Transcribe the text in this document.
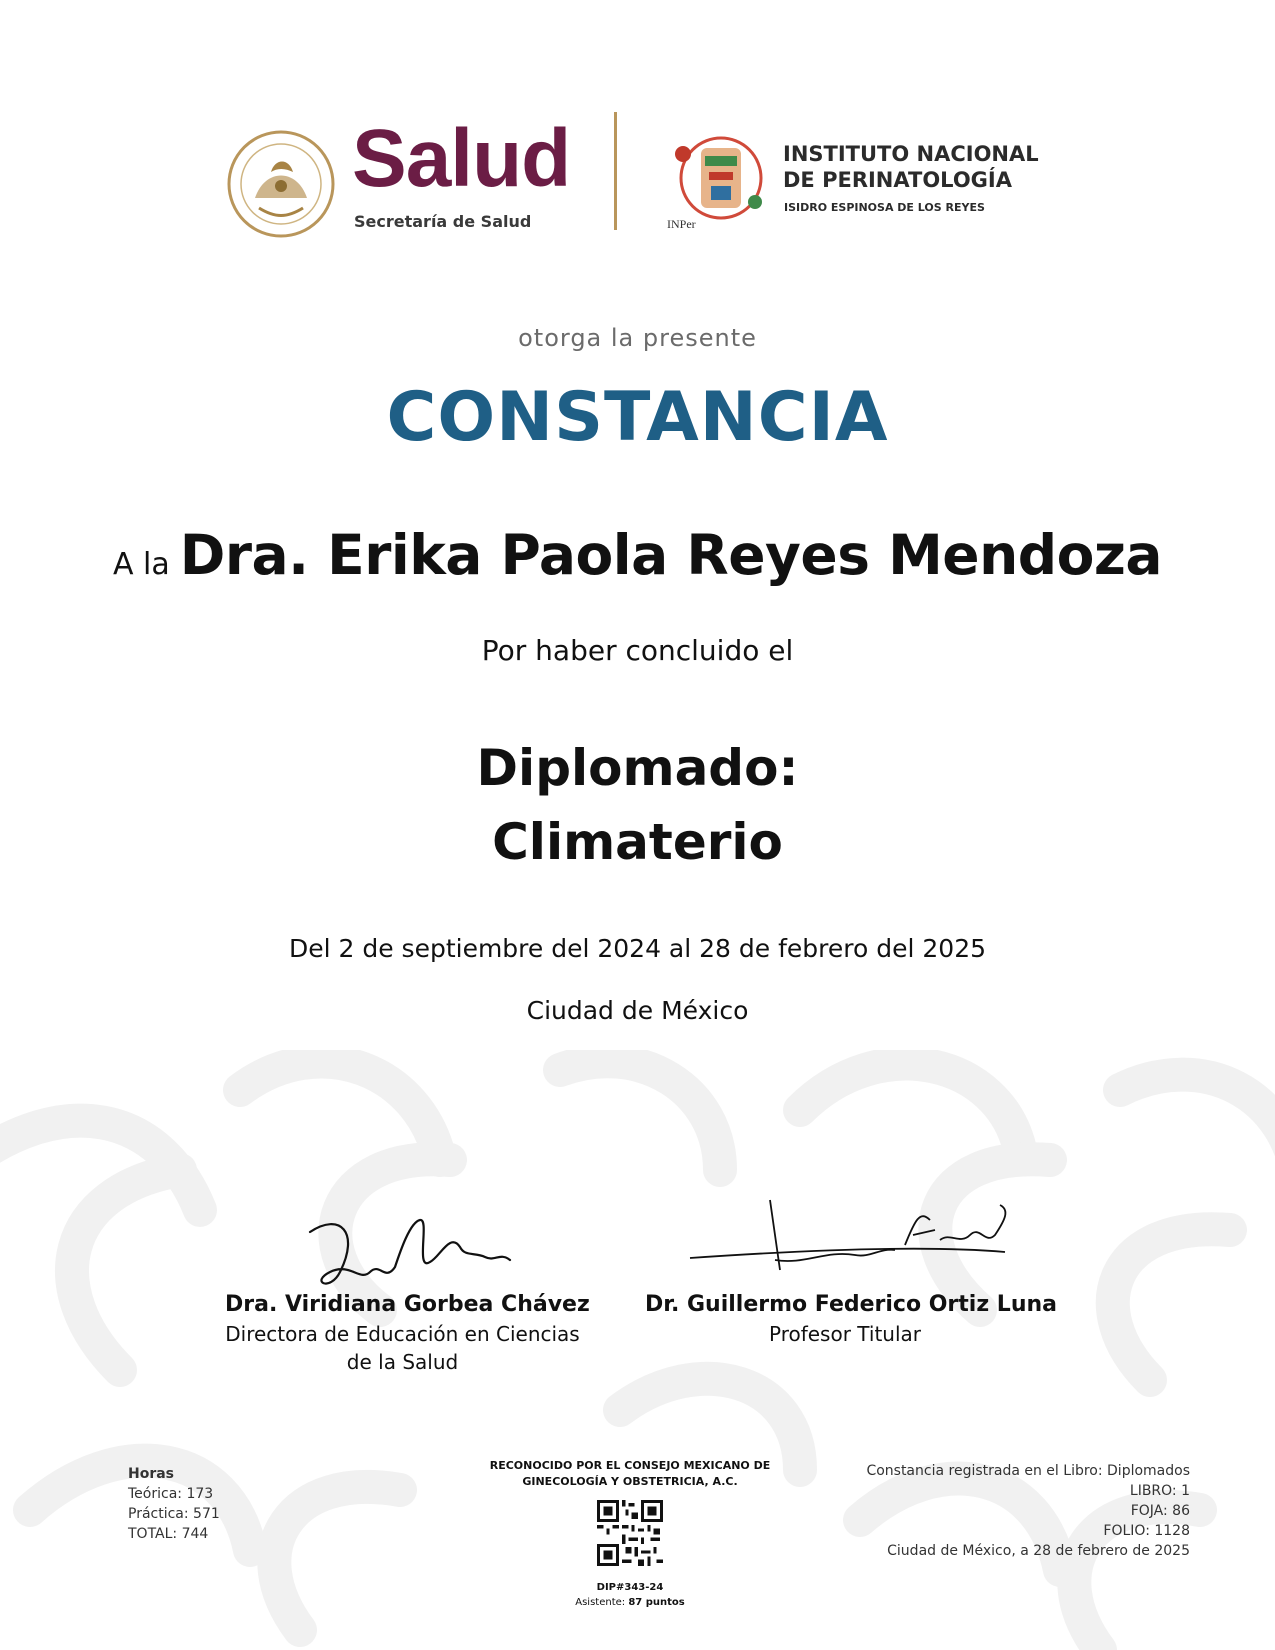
Salud
Secretaría de Salud	INPer
INSTITUTO NACIONAL
DE PERINATOLOGÍA
ISIDRO ESPINOSA DE LOS REYES
otorga la presente
CONSTANCIA
A la Dra. Erika Paola Reyes Mendoza
Por haber concluido el
Diplomado:
Climaterio
Del 2 de septiembre del 2024 al 28 de febrero del 2025
Ciudad de México
Dra. Viridiana Gorbea Chávez
Directora de Educación en Ciencias de la Salud
Dr. Guillermo Federico Ortiz Luna
Profesor Titular
Horas
Teórica: 173
Práctica: 571
TOTAL: 744
RECONOCIDO POR EL CONSEJO MEXICANO DE GINECOLOGÍA Y OBSTETRICIA, A.C.
DIP#343-24
Asistente: 87 puntos
Constancia registrada en el Libro: Diplomados
LIBRO: 1
FOJA: 86
FOLIO: 1128
Ciudad de México, a 28 de febrero de 2025
